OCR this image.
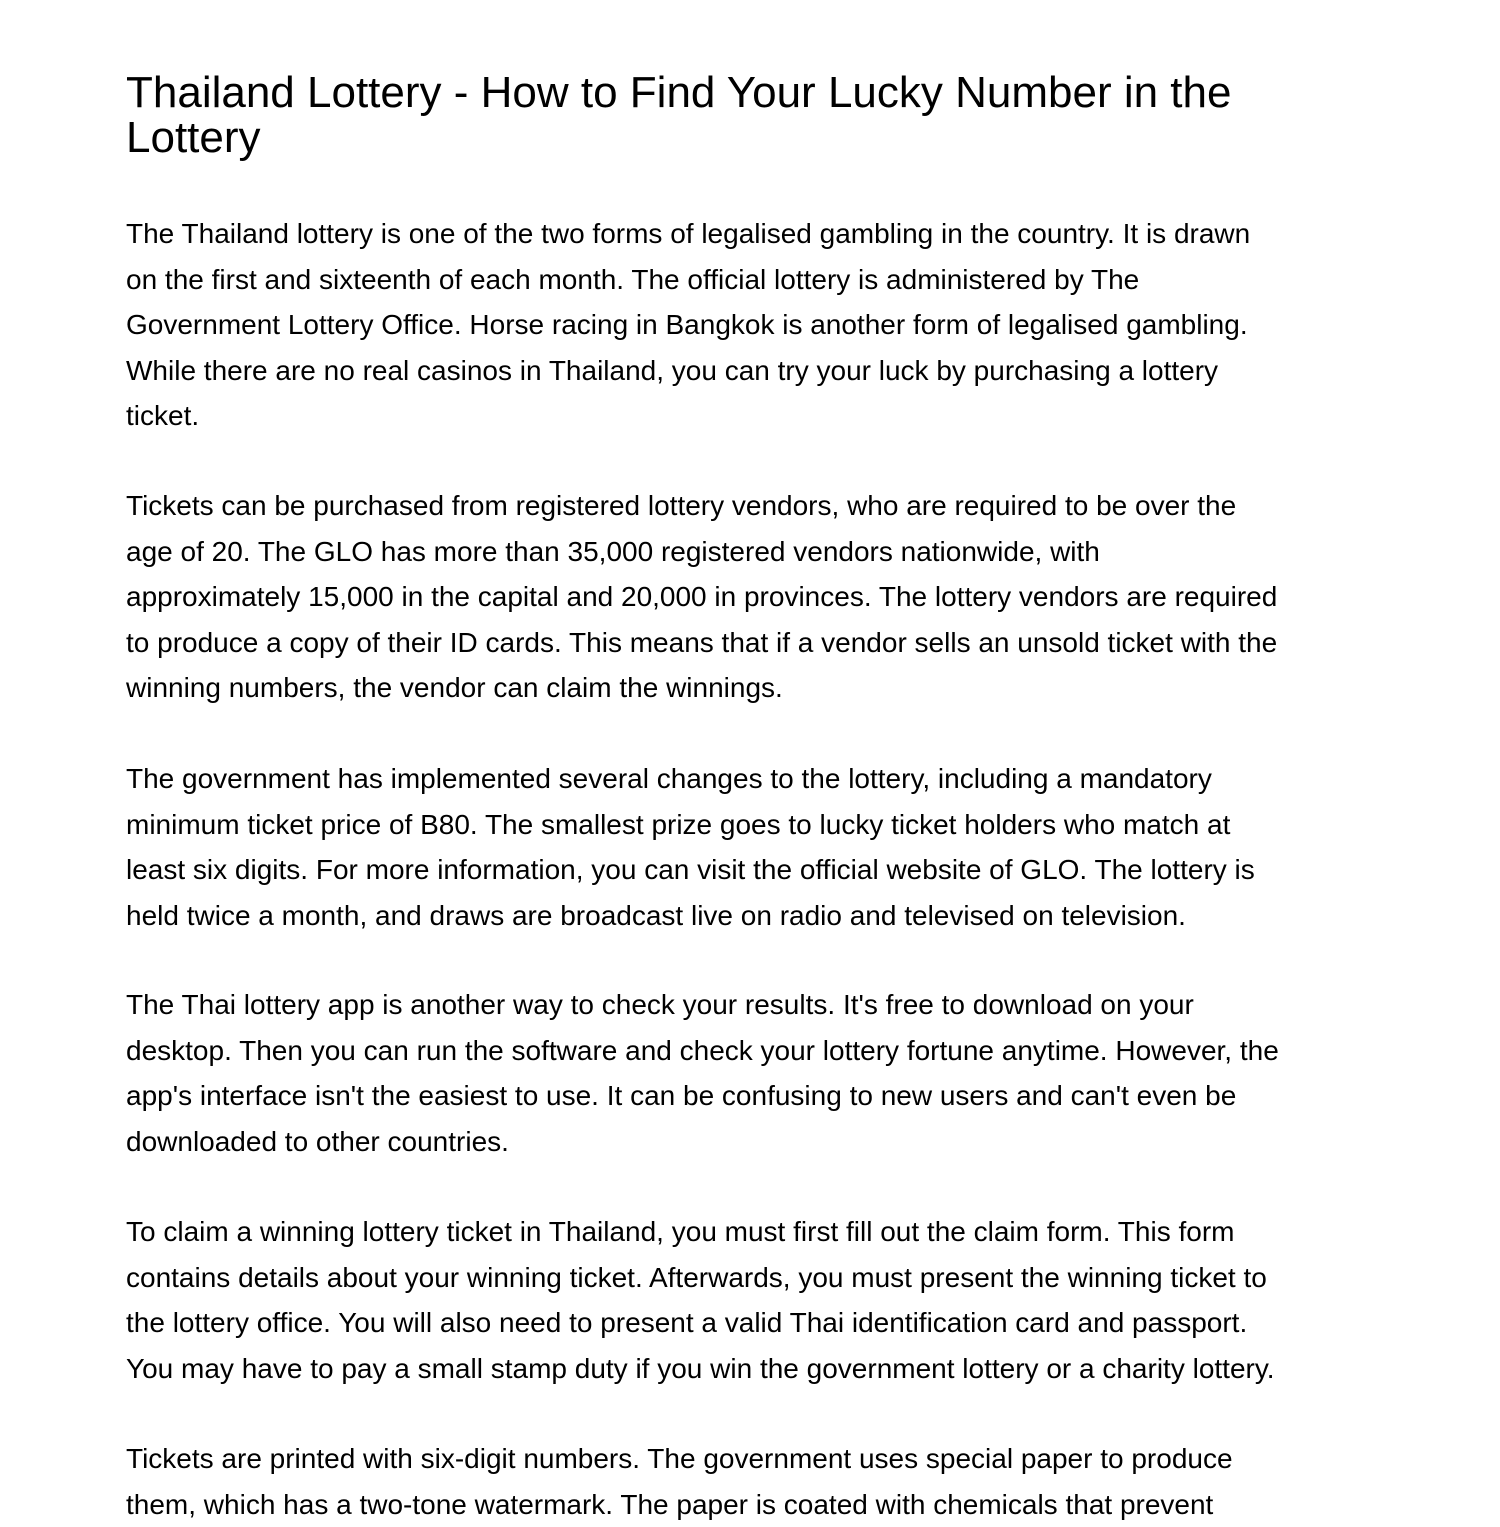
Thailand Lottery - How to Find Your Lucky Number in the
Lottery

The Thailand lottery is one of the two forms of legalised gambling in the country. It is drawn
on the first and sixteenth of each month. The official lottery is administered by The
Government Lottery Office. Horse racing in Bangkok is another form of legalised gambling.
While there are no real casinos in Thailand, you can try your luck by purchasing a lottery
ticket.

Tickets can be purchased from registered lottery vendors, who are required to be over the
age of 20. The GLO has more than 35,000 registered vendors nationwide, with
approximately 15,000 in the capital and 20,000 in provinces. The lottery vendors are required
to produce a copy of their ID cards. This means that if a vendor sells an unsold ticket with the
winning numbers, the vendor can claim the winnings.

The government has implemented several changes to the lottery, including a mandatory
minimum ticket price of B80. The smallest prize goes to lucky ticket holders who match at
least six digits. For more information, you can visit the official website of GLO. The lottery is
held twice a month, and draws are broadcast live on radio and televised on television.

The Thai lottery app is another way to check your results. It's free to download on your
desktop. Then you can run the software and check your lottery fortune anytime. However, the
app's interface isn't the easiest to use. It can be confusing to new users and can't even be
downloaded to other countries.

To claim a winning lottery ticket in Thailand, you must first fill out the claim form. This form
contains details about your winning ticket. Afterwards, you must present the winning ticket to
the lottery office. You will also need to present a valid Thai identification card and passport.
You may have to pay a small stamp duty if you win the government lottery or a charity lottery.

Tickets are printed with six-digit numbers. The government uses special paper to produce
them, which has a two-tone watermark. The paper is coated with chemicals that prevent
